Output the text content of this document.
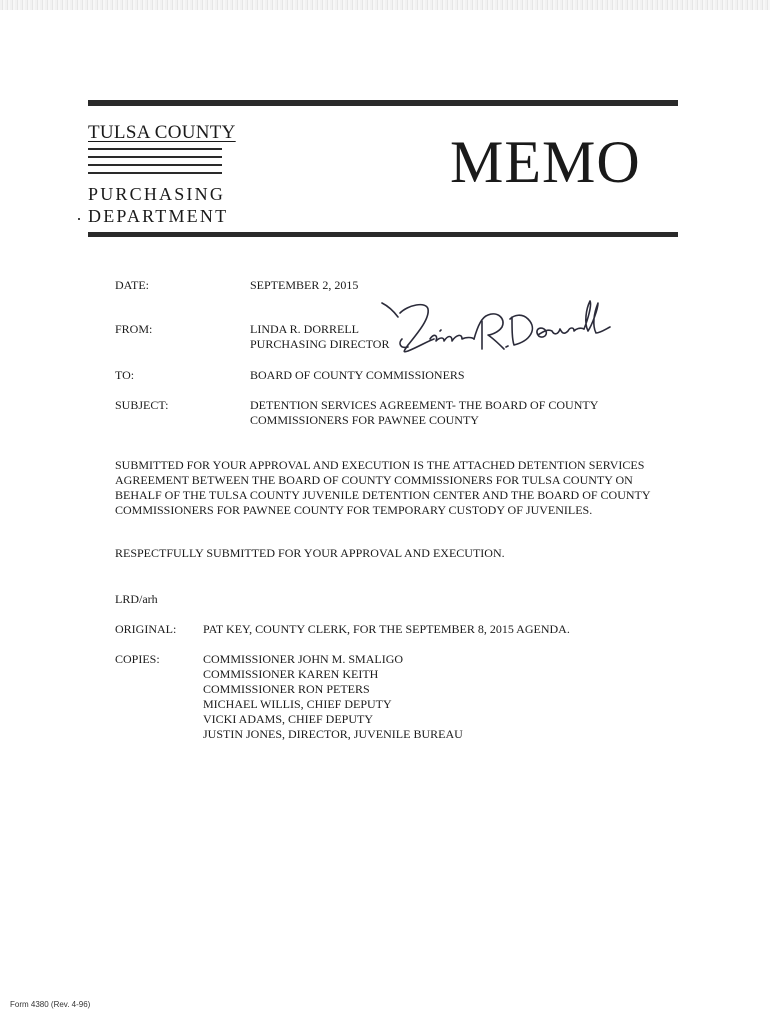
TULSA COUNTY
PURCHASING
DEPARTMENT
MEMO
DATE:	SEPTEMBER 2, 2015
FROM:	LINDA R. DORRELL
PURCHASING DIRECTOR
TO:	BOARD OF COUNTY COMMISSIONERS
SUBJECT:	DETENTION SERVICES AGREEMENT- THE BOARD OF COUNTY
COMMISSIONERS FOR PAWNEE COUNTY

SUBMITTED FOR YOUR APPROVAL AND EXECUTION IS THE ATTACHED DETENTION SERVICES AGREEMENT BETWEEN THE BOARD OF COUNTY COMMISSIONERS FOR TULSA COUNTY ON BEHALF OF THE TULSA COUNTY JUVENILE DETENTION CENTER AND THE BOARD OF COUNTY COMMISSIONERS FOR PAWNEE COUNTY FOR TEMPORARY CUSTODY OF JUVENILES.

RESPECTFULLY SUBMITTED FOR YOUR APPROVAL AND EXECUTION.

LRD/arh
ORIGINAL: PAT KEY, COUNTY CLERK, FOR THE SEPTEMBER 8, 2015 AGENDA.
COPIES:	COMMISSIONER JOHN M. SMALIGO
COMMISSIONER KAREN KEITH
COMMISSIONER RON PETERS
MICHAEL WILLIS, CHIEF DEPUTY
VICKI ADAMS, CHIEF DEPUTY
JUSTIN JONES, DIRECTOR, JUVENILE BUREAU
Form 4380 (Rev. 4-96)
